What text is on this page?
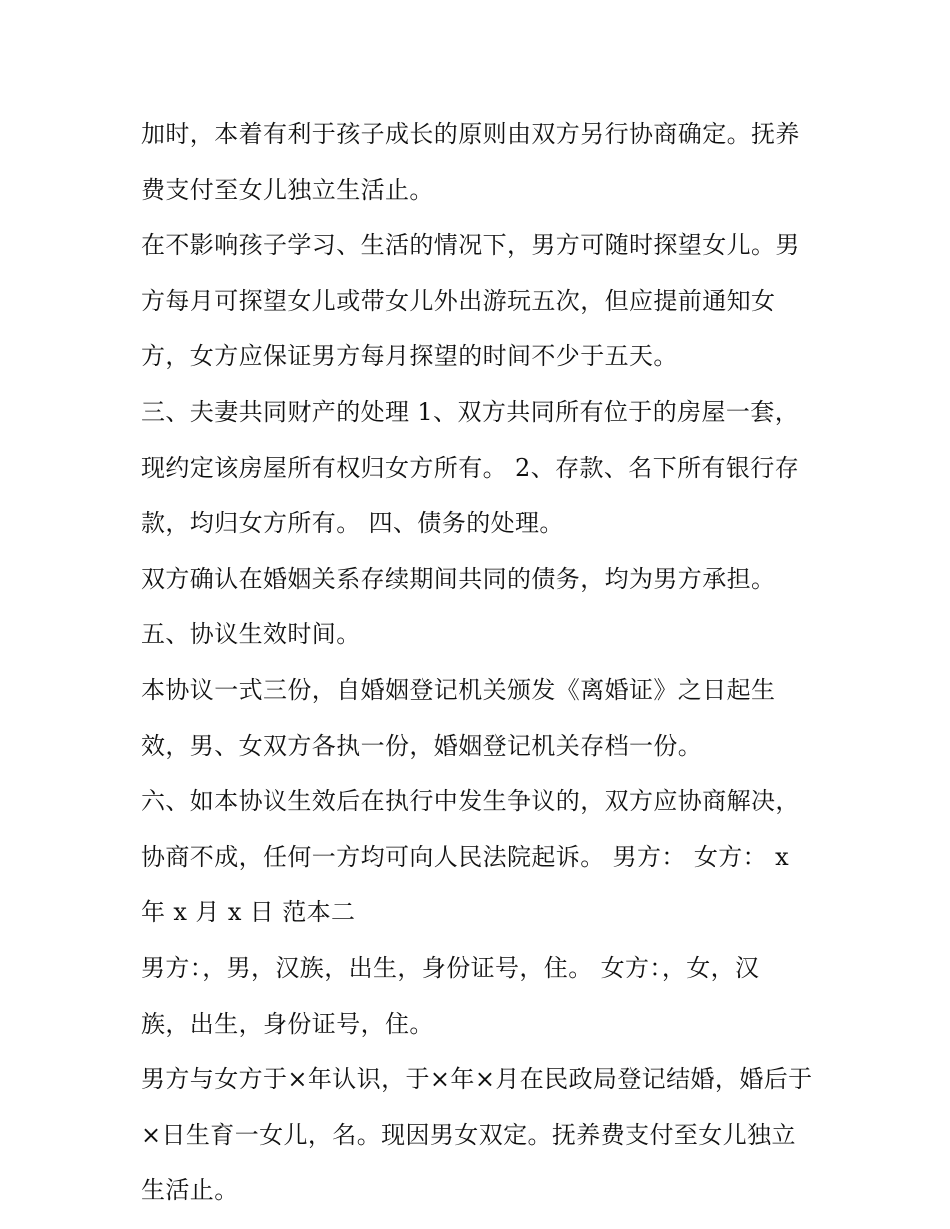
加时，本着有利于孩子成长的原则由双方另行协商确定。抚养
费支付至女儿独立生活止。
在不影响孩子学习、生活的情况下，男方可随时探望女儿。男
方每月可探望女儿或带女儿外出游玩五次，但应提前通知女
方，女方应保证男方每月探望的时间不少于五天。
三、夫妻共同财产的处理 1、双方共同所有位于的房屋一套，
现约定该房屋所有权归女方所有。 2、存款、名下所有银行存
款，均归女方所有。 四、债务的处理。
双方确认在婚姻关系存续期间共同的债务，均为男方承担。
五、协议生效时间。
本协议一式三份，自婚姻登记机关颁发《离婚证》之日起生
效，男、女双方各执一份，婚姻登记机关存档一份。
六、如本协议生效后在执行中发生争议的，双方应协商解决，
协商不成，任何一方均可向人民法院起诉。 男方： 女方： x
年 x 月 x 日 范本二
男方：，男，汉族，出生，身份证号，住。 女方：，女，汉
族，出生，身份证号，住。
男方与女方于×年认识，于×年×月在民政局登记结婚，婚后于
×日生育一女儿，名。现因男女双定。抚养费支付至女儿独立
生活止。
